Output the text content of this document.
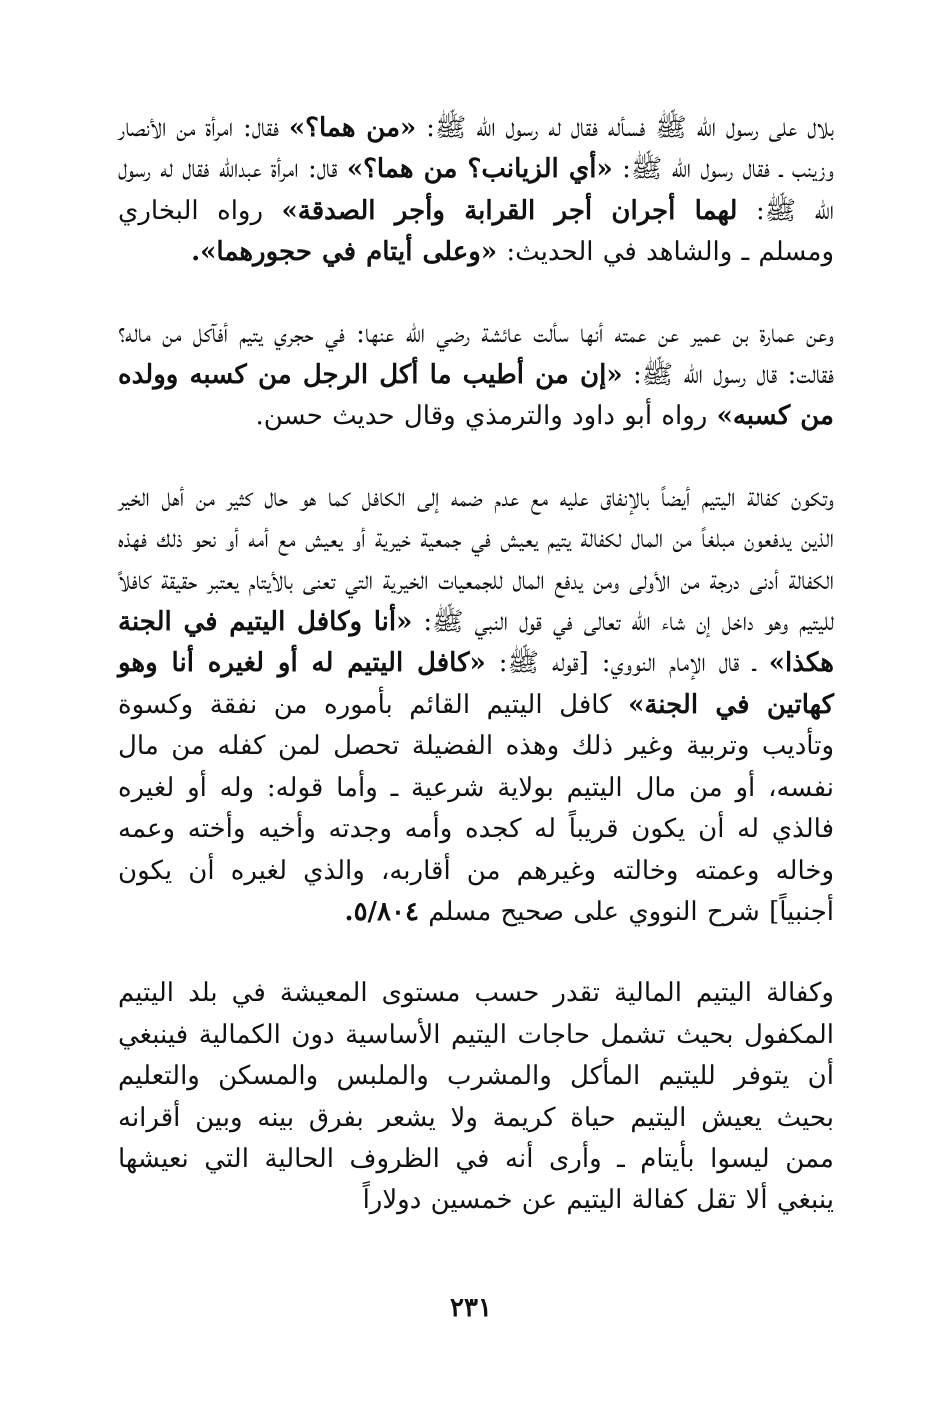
بلال على رسول الله ﷺ فسأله فقال له رسول الله ﷺ: «من هما؟» فقال: امرأة من الأنصار وزينب ـ فقال رسول الله ﷺ: «أي الزيانب؟ من هما؟» قال: امرأة عبدالله فقال له رسول الله ﷺ: لهما أجران أجر القرابة وأجر الصدقة» رواه البخاري ومسلم ـ والشاهد في الحديث: «وعلى أيتام في حجورهما».

وعن عمارة بن عمير عن عمته أنها سألت عائشة رضي الله عنها: في حجري يتيم أفآكل من ماله؟ فقالت: قال رسول الله ﷺ: «إن من أطيب ما أكل الرجل من كسبه وولده من كسبه» رواه أبو داود والترمذي وقال حديث حسن.

وتكون كفالة اليتيم أيضاً بالإنفاق عليه مع عدم ضمه إلى الكافل كما هو حال كثير من أهل الخير الذين يدفعون مبلغاً من المال لكفالة يتيم يعيش في جمعية خيرية أو يعيش مع أمه أو نحو ذلك فهذه الكفالة أدنى درجة من الأولى ومن يدفع المال للجمعيات الخيرية التي تعنى بالأيتام يعتبر حقيقة كافلاً لليتيم وهو داخل إن شاء الله تعالى في قول النبي ﷺ: «أنا وكافل اليتيم في الجنة هكذا» ـ قال الإمام النووي: [قوله ﷺ: «كافل اليتيم له أو لغيره أنا وهو كهاتين في الجنة» كافل اليتيم القائم بأموره من نفقة وكسوة وتأديب وتربية وغير ذلك وهذه الفضيلة تحصل لمن كفله من مال نفسه، أو من مال اليتيم بولاية شرعية ـ وأما قوله: وله أو لغيره فالذي له أن يكون قريباً له كجده وأمه وجدته وأخيه وأخته وعمه وخاله وعمته وخالته وغيرهم من أقاربه، والذي لغيره أن يكون أجنبياً] شرح النووي على صحيح مسلم ٥/٨٠٤.

وكفالة اليتيم المالية تقدر حسب مستوى المعيشة في بلد اليتيم المكفول بحيث تشمل حاجات اليتيم الأساسية دون الكمالية فينبغي أن يتوفر لليتيم المأكل والمشرب والملبس والمسكن والتعليم بحيث يعيش اليتيم حياة كريمة ولا يشعر بفرق بينه وبين أقرانه ممن ليسوا بأيتام ـ وأرى أنه في الظروف الحالية التي نعيشها ينبغي ألا تقل كفالة اليتيم عن خمسين دولاراً

٢٣١
